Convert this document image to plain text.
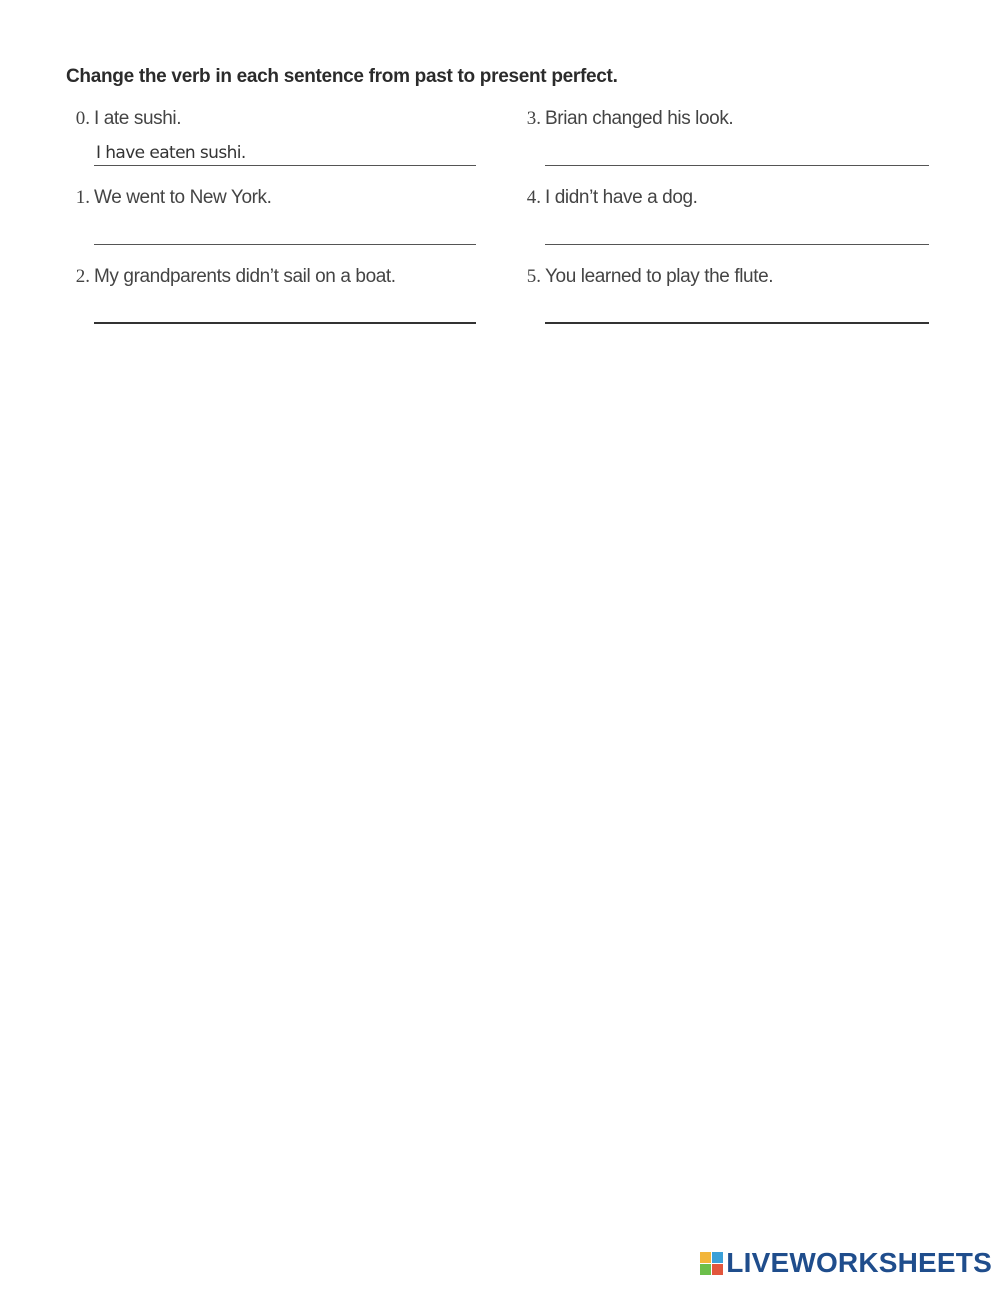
Change the verb in each sentence from past to present perfect.
0. I ate sushi.
I have eaten sushi.
1. We went to New York.
2. My grandparents didn’t sail on a boat.
3. Brian changed his look.
4. I didn’t have a dog.
5. You learned to play the flute.
LIVEWORKSHEETS
